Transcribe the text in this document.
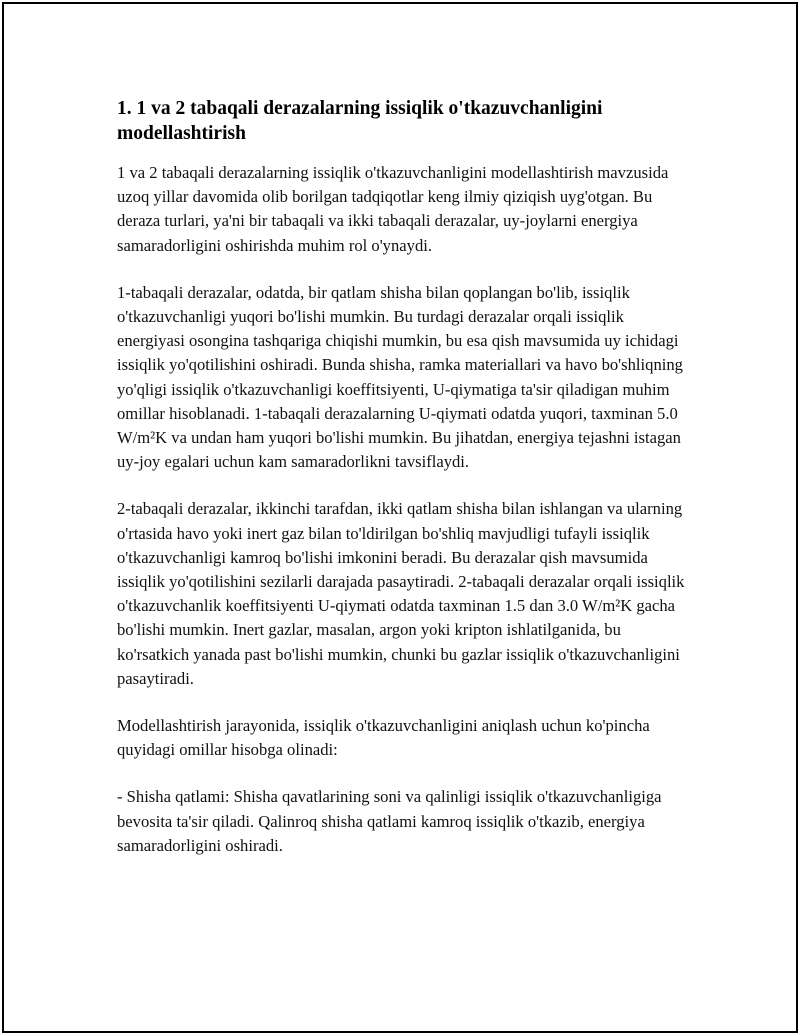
1. 1 va 2 tabaqali derazalarning issiqlik o'tkazuvchanligini modellashtirish

1 va 2 tabaqali derazalarning issiqlik o'tkazuvchanligini modellashtirish mavzusida uzoq yillar davomida olib borilgan tadqiqotlar keng ilmiy qiziqish uyg'otgan. Bu deraza turlari, ya'ni bir tabaqali va ikki tabaqali derazalar, uy-joylarni energiya samaradorligini oshirishda muhim rol o'ynaydi.

1-tabaqali derazalar, odatda, bir qatlam shisha bilan qoplangan bo'lib, issiqlik o'tkazuvchanligi yuqori bo'lishi mumkin. Bu turdagi derazalar orqali issiqlik energiyasi osongina tashqariga chiqishi mumkin, bu esa qish mavsumida uy ichidagi issiqlik yo'qotilishini oshiradi. Bunda shisha, ramka materiallari va havo bo'shliqning yo'qligi issiqlik o'tkazuvchanligi koeffitsiyenti, U-qiymatiga ta'sir qiladigan muhim omillar hisoblanadi. 1-tabaqali derazalarning U-qiymati odatda yuqori, taxminan 5.0 W/m²K va undan ham yuqori bo'lishi mumkin. Bu jihatdan, energiya tejashni istagan uy-joy egalari uchun kam samaradorlikni tavsiflaydi.

2-tabaqali derazalar, ikkinchi tarafdan, ikki qatlam shisha bilan ishlangan va ularning o'rtasida havo yoki inert gaz bilan to'ldirilgan bo'shliq mavjudligi tufayli issiqlik o'tkazuvchanligi kamroq bo'lishi imkonini beradi. Bu derazalar qish mavsumida issiqlik yo'qotilishini sezilarli darajada pasaytiradi. 2-tabaqali derazalar orqali issiqlik o'tkazuvchanlik koeffitsiyenti U-qiymati odatda taxminan 1.5 dan 3.0 W/m²K gacha bo'lishi mumkin. Inert gazlar, masalan, argon yoki kripton ishlatilganida, bu ko'rsatkich yanada past bo'lishi mumkin, chunki bu gazlar issiqlik o'tkazuvchanligini pasaytiradi.

Modellashtirish jarayonida, issiqlik o'tkazuvchanligini aniqlash uchun ko'pincha quyidagi omillar hisobga olinadi:

- Shisha qatlami: Shisha qavatlarining soni va qalinligi issiqlik o'tkazuvchanligiga bevosita ta'sir qiladi. Qalinroq shisha qatlami kamroq issiqlik o'tkazib, energiya samaradorligini oshiradi.
